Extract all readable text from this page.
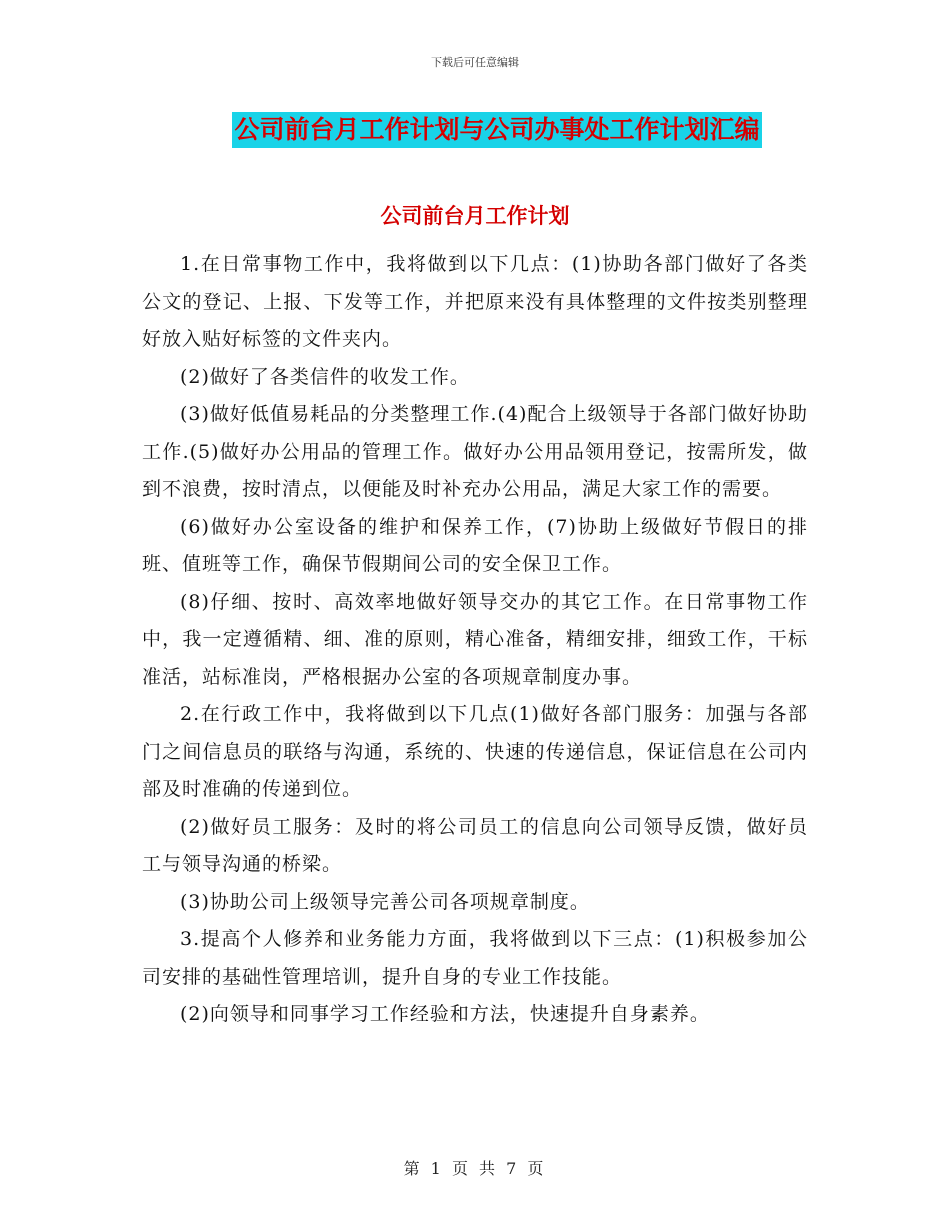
下载后可任意编辑
公司前台月工作计划与公司办事处工作计划汇编
公司前台月工作计划

1.在日常事物工作中，我将做到以下几点：(1)协助各部门做好了各类公文的登记、上报、下发等工作，并把原来没有具体整理的文件按类别整理好放入贴好标签的文件夹内。

(2)做好了各类信件的收发工作。

(3)做好低值易耗品的分类整理工作.(4)配合上级领导于各部门做好协助工作.(5)做好办公用品的管理工作。做好办公用品领用登记，按需所发，做到不浪费，按时清点，以便能及时补充办公用品，满足大家工作的需要。

(6)做好办公室设备的维护和保养工作，(7)协助上级做好节假日的排班、值班等工作，确保节假期间公司的安全保卫工作。

(8)仔细、按时、高效率地做好领导交办的其它工作。在日常事物工作中，我一定遵循精、细、准的原则，精心准备，精细安排，细致工作，干标准活，站标准岗，严格根据办公室的各项规章制度办事。

2.在行政工作中，我将做到以下几点(1)做好各部门服务：加强与各部门之间信息员的联络与沟通，系统的、快速的传递信息，保证信息在公司内部及时准确的传递到位。

(2)做好员工服务：及时的将公司员工的信息向公司领导反馈，做好员工与领导沟通的桥梁。

(3)协助公司上级领导完善公司各项规章制度。

3.提高个人修养和业务能力方面，我将做到以下三点：(1)积极参加公司安排的基础性管理培训，提升自身的专业工作技能。

(2)向领导和同事学习工作经验和方法，快速提升自身素养。

第 1 页 共 7 页
